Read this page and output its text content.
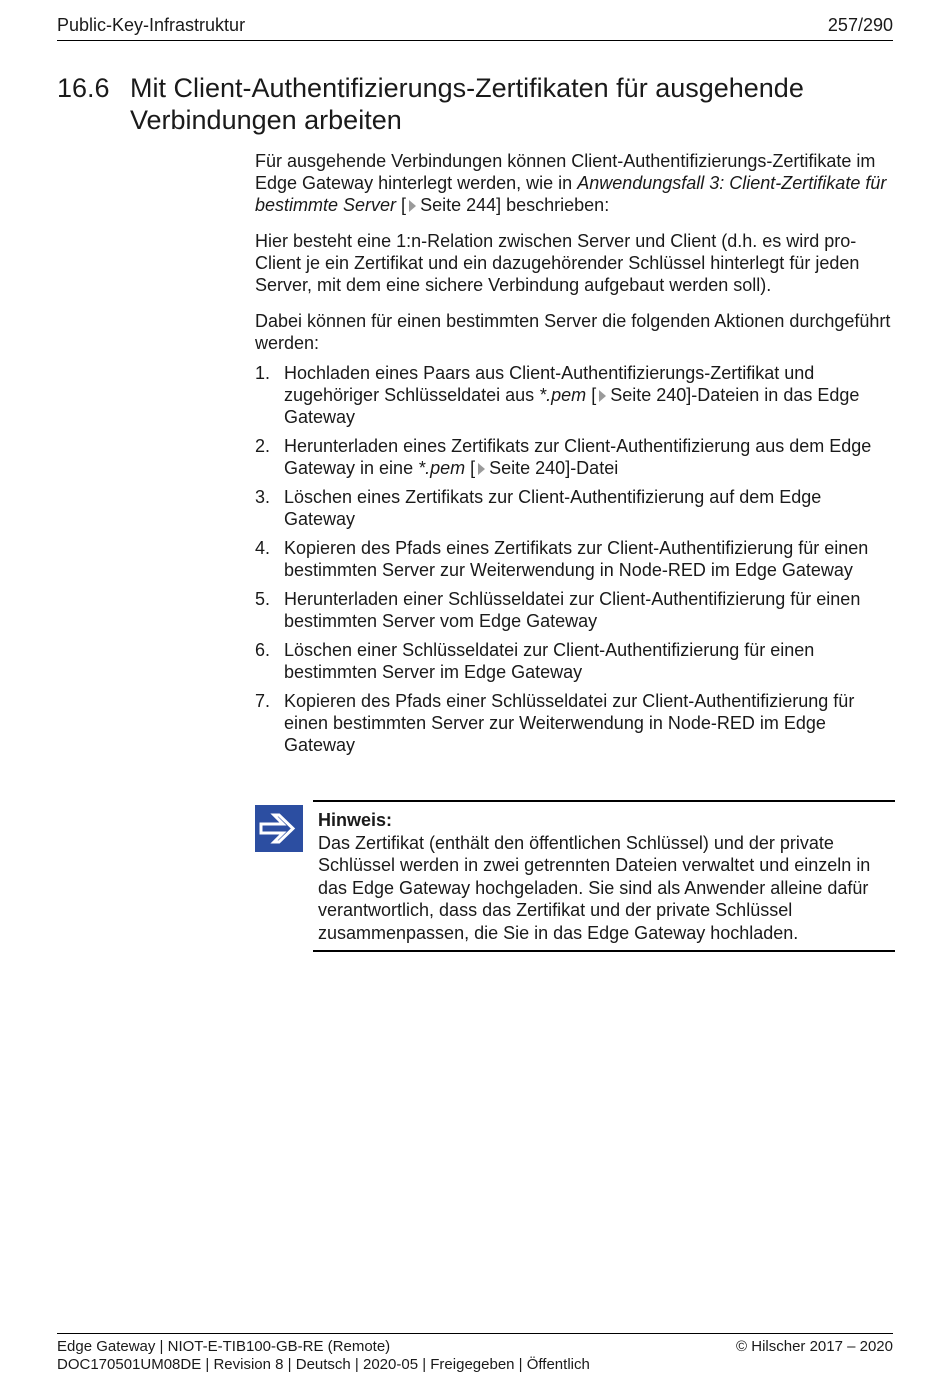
Public-Key-Infrastruktur	257/290
16.6 Mit Client-Authentifizierungs-Zertifikaten für ausgehende Verbindungen arbeiten

Für ausgehende Verbindungen können Client-Authentifizierungs-Zertifikate im Edge Gateway hinterlegt werden, wie in Anwendungsfall 3: Client-Zertifikate für bestimmte Server [ Seite 244] beschrieben:

Hier besteht eine 1:n-Relation zwischen Server und Client (d.h. es wird pro-Client je ein Zertifikat und ein dazugehörender Schlüssel hinterlegt für jeden Server, mit dem eine sichere Verbindung aufgebaut werden soll).

Dabei können für einen bestimmten Server die folgenden Aktionen durchgeführt werden:

1. Hochladen eines Paars aus Client-Authentifizierungs-Zertifikat und zugehöriger Schlüsseldatei aus *.pem [ Seite 240]-Dateien in das Edge Gateway
2. Herunterladen eines Zertifikats zur Client-Authentifizierung aus dem Edge Gateway in eine *.pem [ Seite 240]-Datei
3. Löschen eines Zertifikats zur Client-Authentifizierung auf dem Edge Gateway
4. Kopieren des Pfads eines Zertifikats zur Client-Authentifizierung für einen bestimmten Server zur Weiterwendung in Node-RED im Edge Gateway
5. Herunterladen einer Schlüsseldatei zur Client-Authentifizierung für einen bestimmten Server vom Edge Gateway
6. Löschen einer Schlüsseldatei zur Client-Authentifizierung für einen bestimmten Server im Edge Gateway
7. Kopieren des Pfads einer Schlüsseldatei zur Client-Authentifizierung für einen bestimmten Server zur Weiterwendung in Node-RED im Edge Gateway
Hinweis:
Das Zertifikat (enthält den öffentlichen Schlüssel) und der private Schlüssel werden in zwei getrennten Dateien verwaltet und einzeln in das Edge Gateway hochgeladen. Sie sind als Anwender alleine dafür verantwortlich, dass das Zertifikat und der private Schlüssel zusammenpassen, die Sie in das Edge Gateway hochladen.
Edge Gateway | NIOT-E-TIB100-GB-RE (Remote)
DOC170501UM08DE | Revision 8 | Deutsch | 2020-05 | Freigegeben | Öffentlich
© Hilscher 2017 – 2020
